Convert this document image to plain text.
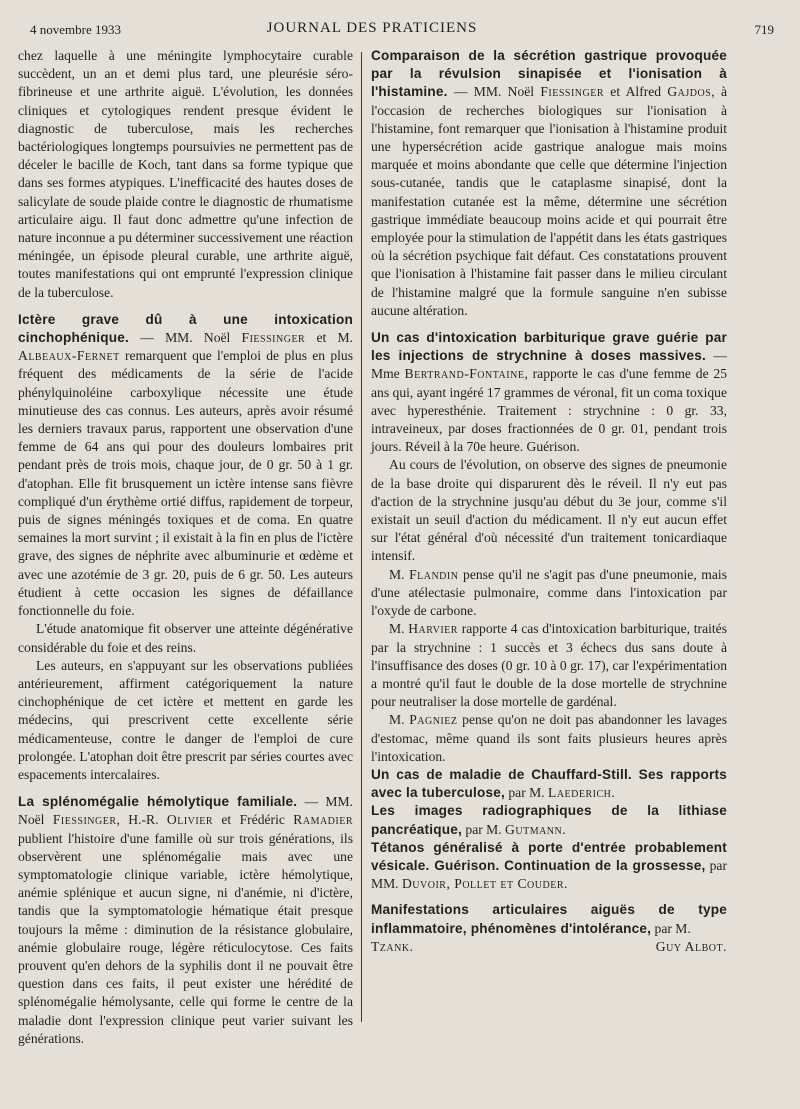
4 novembre 1933	JOURNAL DES PRATICIENS	719

chez laquelle à une méningite lymphocytaire curable succèdent, un an et demi plus tard, une pleurésie séro-fibrineuse et une arthrite aiguë. L'évolution, les données cliniques et cytologiques rendent presque évident le diagnostic de tuberculose, mais les recherches bactériologiques longtemps poursuivies ne permettent pas de déceler le bacille de Koch, tant dans sa forme typique que dans ses formes atypiques. L'inefficacité des hautes doses de salicylate de soude plaide contre le diagnostic de rhumatisme articulaire aigu. Il faut donc admettre qu'une infection de nature inconnue a pu déterminer successivement une réaction méningée, un épisode pleural curable, une arthrite aiguë, toutes manifestations qui ont emprunté l'expression clinique de la tuberculose.

Ictère grave dû à une intoxication cinchophénique. — MM. Noël Fiessinger et M. Albeaux-Fernet remarquent que l'emploi de plus en plus fréquent des médicaments de la série de l'acide phénylquinoléine carboxylique nécessite une étude minutieuse des cas connus. Les auteurs, après avoir résumé les derniers travaux parus, rapportent une observation d'une femme de 64 ans qui pour des douleurs lombaires prit pendant près de trois mois, chaque jour, de 0 gr. 50 à 1 gr. d'atophan. Elle fit brusquement un ictère intense sans fièvre compliqué d'un érythème ortié diffus, rapidement de torpeur, puis de signes méningés toxiques et de coma. En quatre semaines la mort survint ; il existait à la fin en plus de l'ictère grave, des signes de néphrite avec albuminurie et œdème et avec une azotémie de 3 gr. 20, puis de 6 gr. 50. Les auteurs étudient à cette occasion les signes de défaillance fonctionnelle du foie.

L'étude anatomique fit observer une atteinte dégénérative considérable du foie et des reins.

Les auteurs, en s'appuyant sur les observations publiées antérieurement, affirment catégoriquement la nature cinchophénique de cet ictère et mettent en garde les médecins, qui prescrivent cette excellente série médicamenteuse, contre le danger de l'emploi de cure prolongée. L'atophan doit être prescrit par séries courtes avec espacements intercalaires.

La splénomégalie hémolytique familiale. — MM. Noël Fiessinger, H.-R. Olivier et Frédéric Ramadier publient l'histoire d'une famille où sur trois générations, ils observèrent une splénomégalie mais avec une symptomatologie clinique variable, ictère hémolytique, anémie splénique et aucun signe, ni d'anémie, ni d'ictère, tandis que la symptomatologie hématique était presque toujours la même : diminution de la résistance globulaire, anémie globulaire rouge, légère réticulocytose. Ces faits prouvent qu'en dehors de la syphilis dont il ne pouvait être question dans ces faits, il peut exister une hérédité de splénomégalie hémolysante, celle qui forme le centre de la maladie dont l'expression clinique peut varier suivant les générations.

Comparaison de la sécrétion gastrique provoquée par la révulsion sinapisée et l'ionisation à l'histamine. — MM. Noël Fiessinger et Alfred Gajdos, à l'occasion de recherches biologiques sur l'ionisation à l'histamine, font remarquer que l'ionisation à l'histamine produit une hypersécrétion acide gastrique analogue mais moins marquée et moins abondante que celle que détermine l'injection sous-cutanée, tandis que le cataplasme sinapisé, dont la manifestation cutanée est la même, détermine une sécrétion gastrique immédiate beaucoup moins acide et qui pourrait être employée pour la stimulation de l'appétit dans les états gastriques où la sécrétion psychique fait défaut. Ces constatations prouvent que l'ionisation à l'histamine fait passer dans le milieu circulant de l'histamine malgré que la formule sanguine n'en subisse aucune altération.

Un cas d'intoxication barbiturique grave guérie par les injections de strychnine à doses massives. — Mme Bertrand-Fontaine, rapporte le cas d'une femme de 25 ans qui, ayant ingéré 17 grammes de véronal, fit un coma toxique avec hyperesthénie. Traitement : strychnine : 0 gr. 33, intraveineux, par doses fractionnées de 0 gr. 01, pendant trois jours. Réveil à la 70e heure. Guérison.

Au cours de l'évolution, on observe des signes de pneumonie de la base droite qui disparurent dès le réveil. Il n'y eut pas d'action de la strychnine jusqu'au début du 3e jour, comme s'il existait un seuil d'action du médicament. Il n'y eut aucun effet sur l'état général d'où nécessité d'un traitement tonicardiaque intensif.

M. Flandin pense qu'il ne s'agit pas d'une pneumonie, mais d'une atélectasie pulmonaire, comme dans l'intoxication par l'oxyde de carbone.

M. Harvier rapporte 4 cas d'intoxication barbiturique, traités par la strychnine : 1 succès et 3 échecs dus sans doute à l'insuffisance des doses (0 gr. 10 à 0 gr. 17), car l'expérimentation a montré qu'il faut le double de la dose mortelle de strychnine pour neutraliser la dose mortelle de gardénal.

M. Pagniez pense qu'on ne doit pas abandonner les lavages d'estomac, même quand ils sont faits plusieurs heures après l'intoxication.

Un cas de maladie de Chauffard-Still. Ses rapports avec la tuberculose, par M. Laederich.

Les images radiographiques de la lithiase pancréatique, par M. Gutmann.

Tétanos généralisé à porte d'entrée probablement vésicale. Guérison. Continuation de la grossesse, par MM. Duvoir, Pollet et Couder.

Manifestations articulaires aiguës de type inflammatoire, phénomènes d'intolérance, par M.
Tzank.	Guy Albot.
